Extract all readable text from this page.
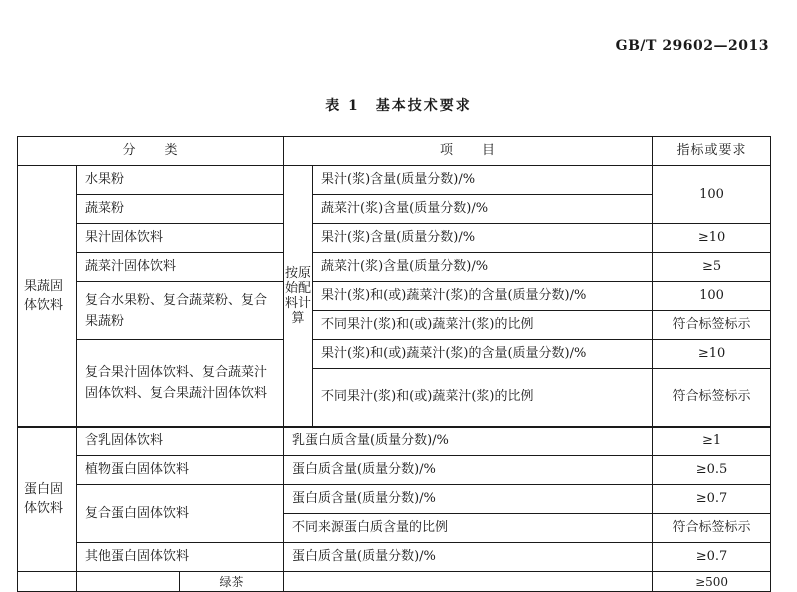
GB/T 29602—2013
表 1　基本技术要求
分　　类			项　　目		指标或要求
果蔬固体饮料	水果粉		按原始配料计算	果汁(浆)含量(质量分数)/%	100
	蔬菜粉			蔬菜汁(浆)含量(质量分数)/%	
	果汁固体饮料			果汁(浆)含量(质量分数)/%	≥10
	蔬菜汁固体饮料			蔬菜汁(浆)含量(质量分数)/%	≥5
	复合水果粉、复合蔬菜粉、复合果蔬粉			果汁(浆)和(或)蔬菜汁(浆)的含量(质量分数)/%	100
				不同果汁(浆)和(或)蔬菜汁(浆)的比例	符合标签标示
	复合果汁固体饮料、复合蔬菜汁固体饮料、复合果蔬汁固体饮料			果汁(浆)和(或)蔬菜汁(浆)的含量(质量分数)/%	≥10
				不同果汁(浆)和(或)蔬菜汁(浆)的比例	符合标签标示

蛋白固体饮料	含乳固体饮料		乳蛋白质含量(质量分数)/%		≥1
	植物蛋白固体饮料		蛋白质含量(质量分数)/%		≥0.5
	复合蛋白固体饮料		蛋白质含量(质量分数)/%		≥0.7
			不同来源蛋白质含量的比例		符合标签标示
	其他蛋白固体饮料		蛋白质含量(质量分数)/%		≥0.7

		绿茶			≥500
